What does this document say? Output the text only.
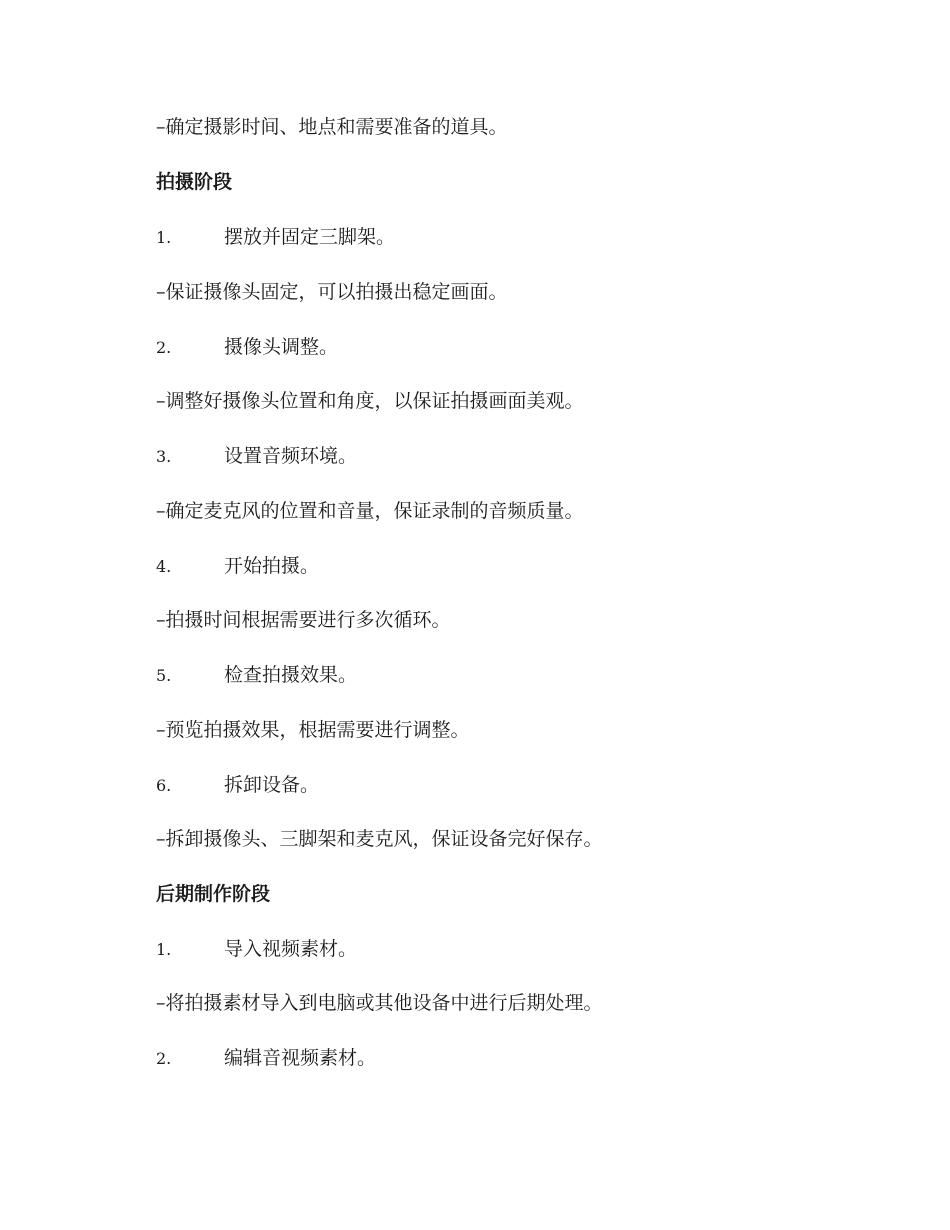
–确定摄影时间、地点和需要准备的道具。
拍摄阶段
1.	摆放并固定三脚架。
–保证摄像头固定，可以拍摄出稳定画面。
2.	摄像头调整。
–调整好摄像头位置和角度，以保证拍摄画面美观。
3.	设置音频环境。
–确定麦克风的位置和音量，保证录制的音频质量。
4.	开始拍摄。
–拍摄时间根据需要进行多次循环。
5.	检查拍摄效果。
–预览拍摄效果，根据需要进行调整。
6.	拆卸设备。
–拆卸摄像头、三脚架和麦克风，保证设备完好保存。
后期制作阶段
1.	导入视频素材。
–将拍摄素材导入到电脑或其他设备中进行后期处理。
2.	编辑音视频素材。
